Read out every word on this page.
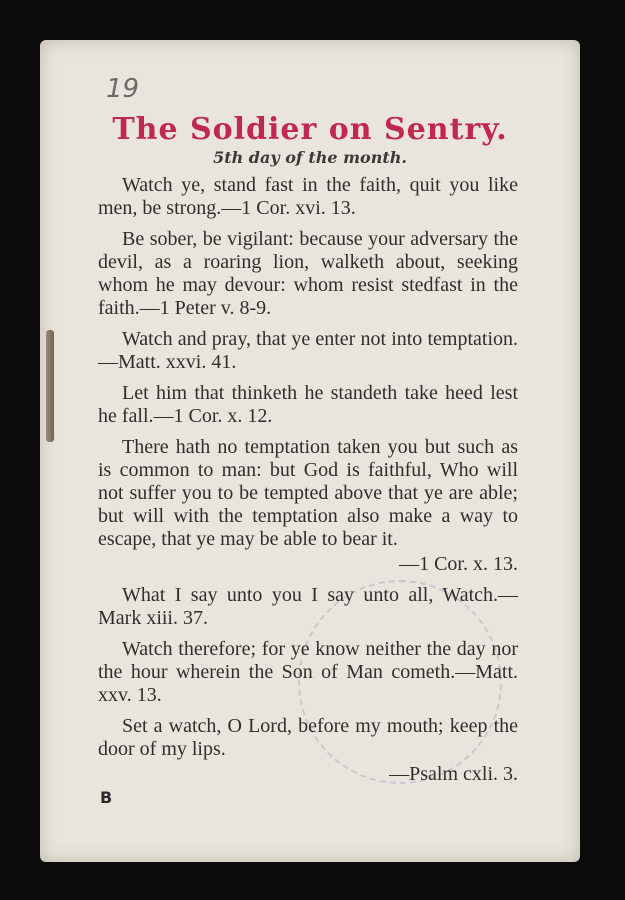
19
The Soldier on Sentry.
5th day of the month.

Watch ye, stand fast in the faith, quit you like men, be strong.—1 Cor. xvi. 13.

Be sober, be vigilant: because your adversary the devil, as a roaring lion, walketh about, seeking whom he may devour: whom resist stedfast in the faith.—1 Peter v. 8-9.

Watch and pray, that ye enter not into temptation.—Matt. xxvi. 41.

Let him that thinketh he standeth take heed lest he fall.—1 Cor. x. 12.

There hath no temptation taken you but such as is common to man: but God is faithful, Who will not suffer you to be tempted above that ye are able; but will with the temptation also make a way to escape, that ye may be able to bear it.

—1 Cor. x. 13.

What I say unto you I say unto all, Watch.—Mark xiii. 37.

Watch therefore; for ye know neither the day nor the hour wherein the Son of Man cometh.—Matt. xxv. 13.

Set a watch, O Lord, before my mouth; keep the door of my lips.

—Psalm cxli. 3.

B
